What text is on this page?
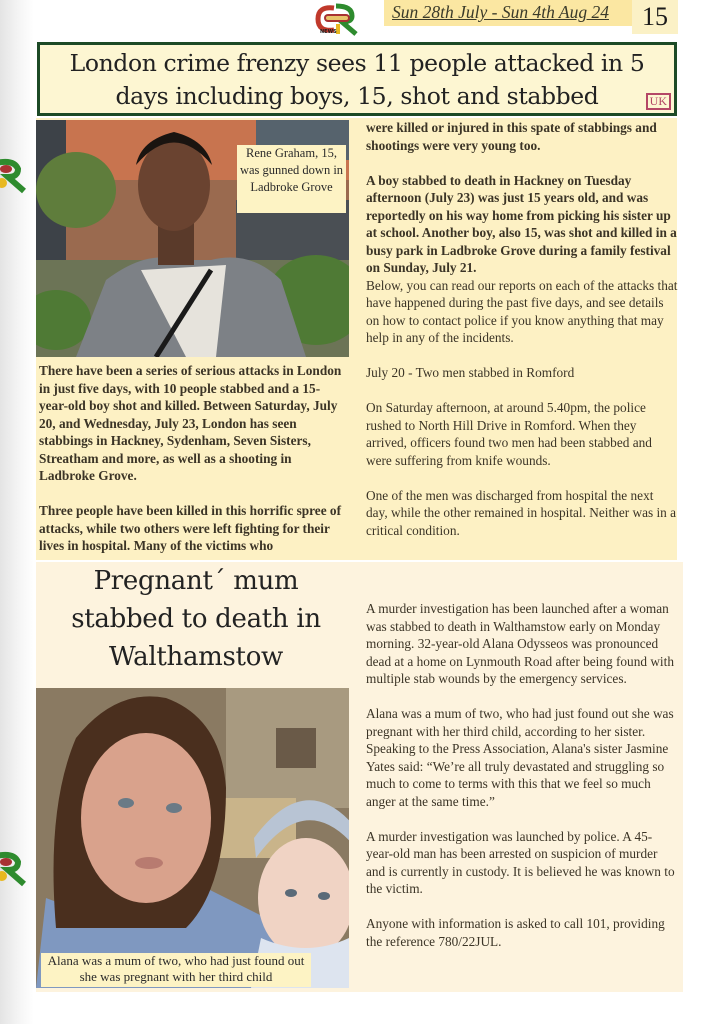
NEWS
Sun 28th July - Sun 4th Aug 24	15
London crime frenzy sees 11 people attacked in 5 days including boys, 15, shot and stabbed	UK
Rene Graham, 15, was gunned down in Ladbroke Grove

There have been a series of serious attacks in London in just five days, with 10 people stabbed and a 15-year-old boy shot and killed. Between Saturday, July 20, and Wednesday, July 23, London has seen stabbings in Hackney, Sydenham, Seven Sisters, Streatham and more, as well as a shooting in Ladbroke Grove.

Three people have been killed in this horrific spree of attacks, while two others were left fighting for their lives in hospital. Many of the victims who

were killed or injured in this spate of stabbings and shootings were very young too.

A boy stabbed to death in Hackney on Tuesday afternoon (July 23) was just 15 years old, and was reportedly on his way home from picking his sister up at school. Another boy, also 15, was shot and killed in a busy park in Ladbroke Grove during a family festival on Sunday, July 21.

Below, you can read our reports on each of the attacks that have happened during the past five days, and see details on how to contact police if you know anything that may help in any of the incidents.

July 20 - Two men stabbed in Romford

On Saturday afternoon, at around 5.40pm, the police rushed to North Hill Drive in Romford. When they arrived, officers found two men had been stabbed and were suffering from knife wounds.

One of the men was discharged from hospital the next day, while the other remained in hospital. Neither was in a critical condition.

Pregnant´ mum stabbed to death in Walthamstow
Alana was a mum of two, who had just found out she was pregnant with her third child

A murder investigation has been launched after a woman was stabbed to death in Walthamstow early on Monday morning. 32-year-old Alana Odysseos was pronounced dead at a home on Lynmouth Road after being found with multiple stab wounds by the emergency services.

Alana was a mum of two, who had just found out she was pregnant with her third child, according to her sister. Speaking to the Press Association, Alana's sister Jasmine Yates said: “We’re all truly devastated and struggling so much to come to terms with this that we feel so much anger at the same time.”

A murder investigation was launched by police. A 45-year-old man has been arrested on suspicion of murder and is currently in custody. It is believed he was known to the victim.

Anyone with information is asked to call 101, providing the reference 780/22JUL.
